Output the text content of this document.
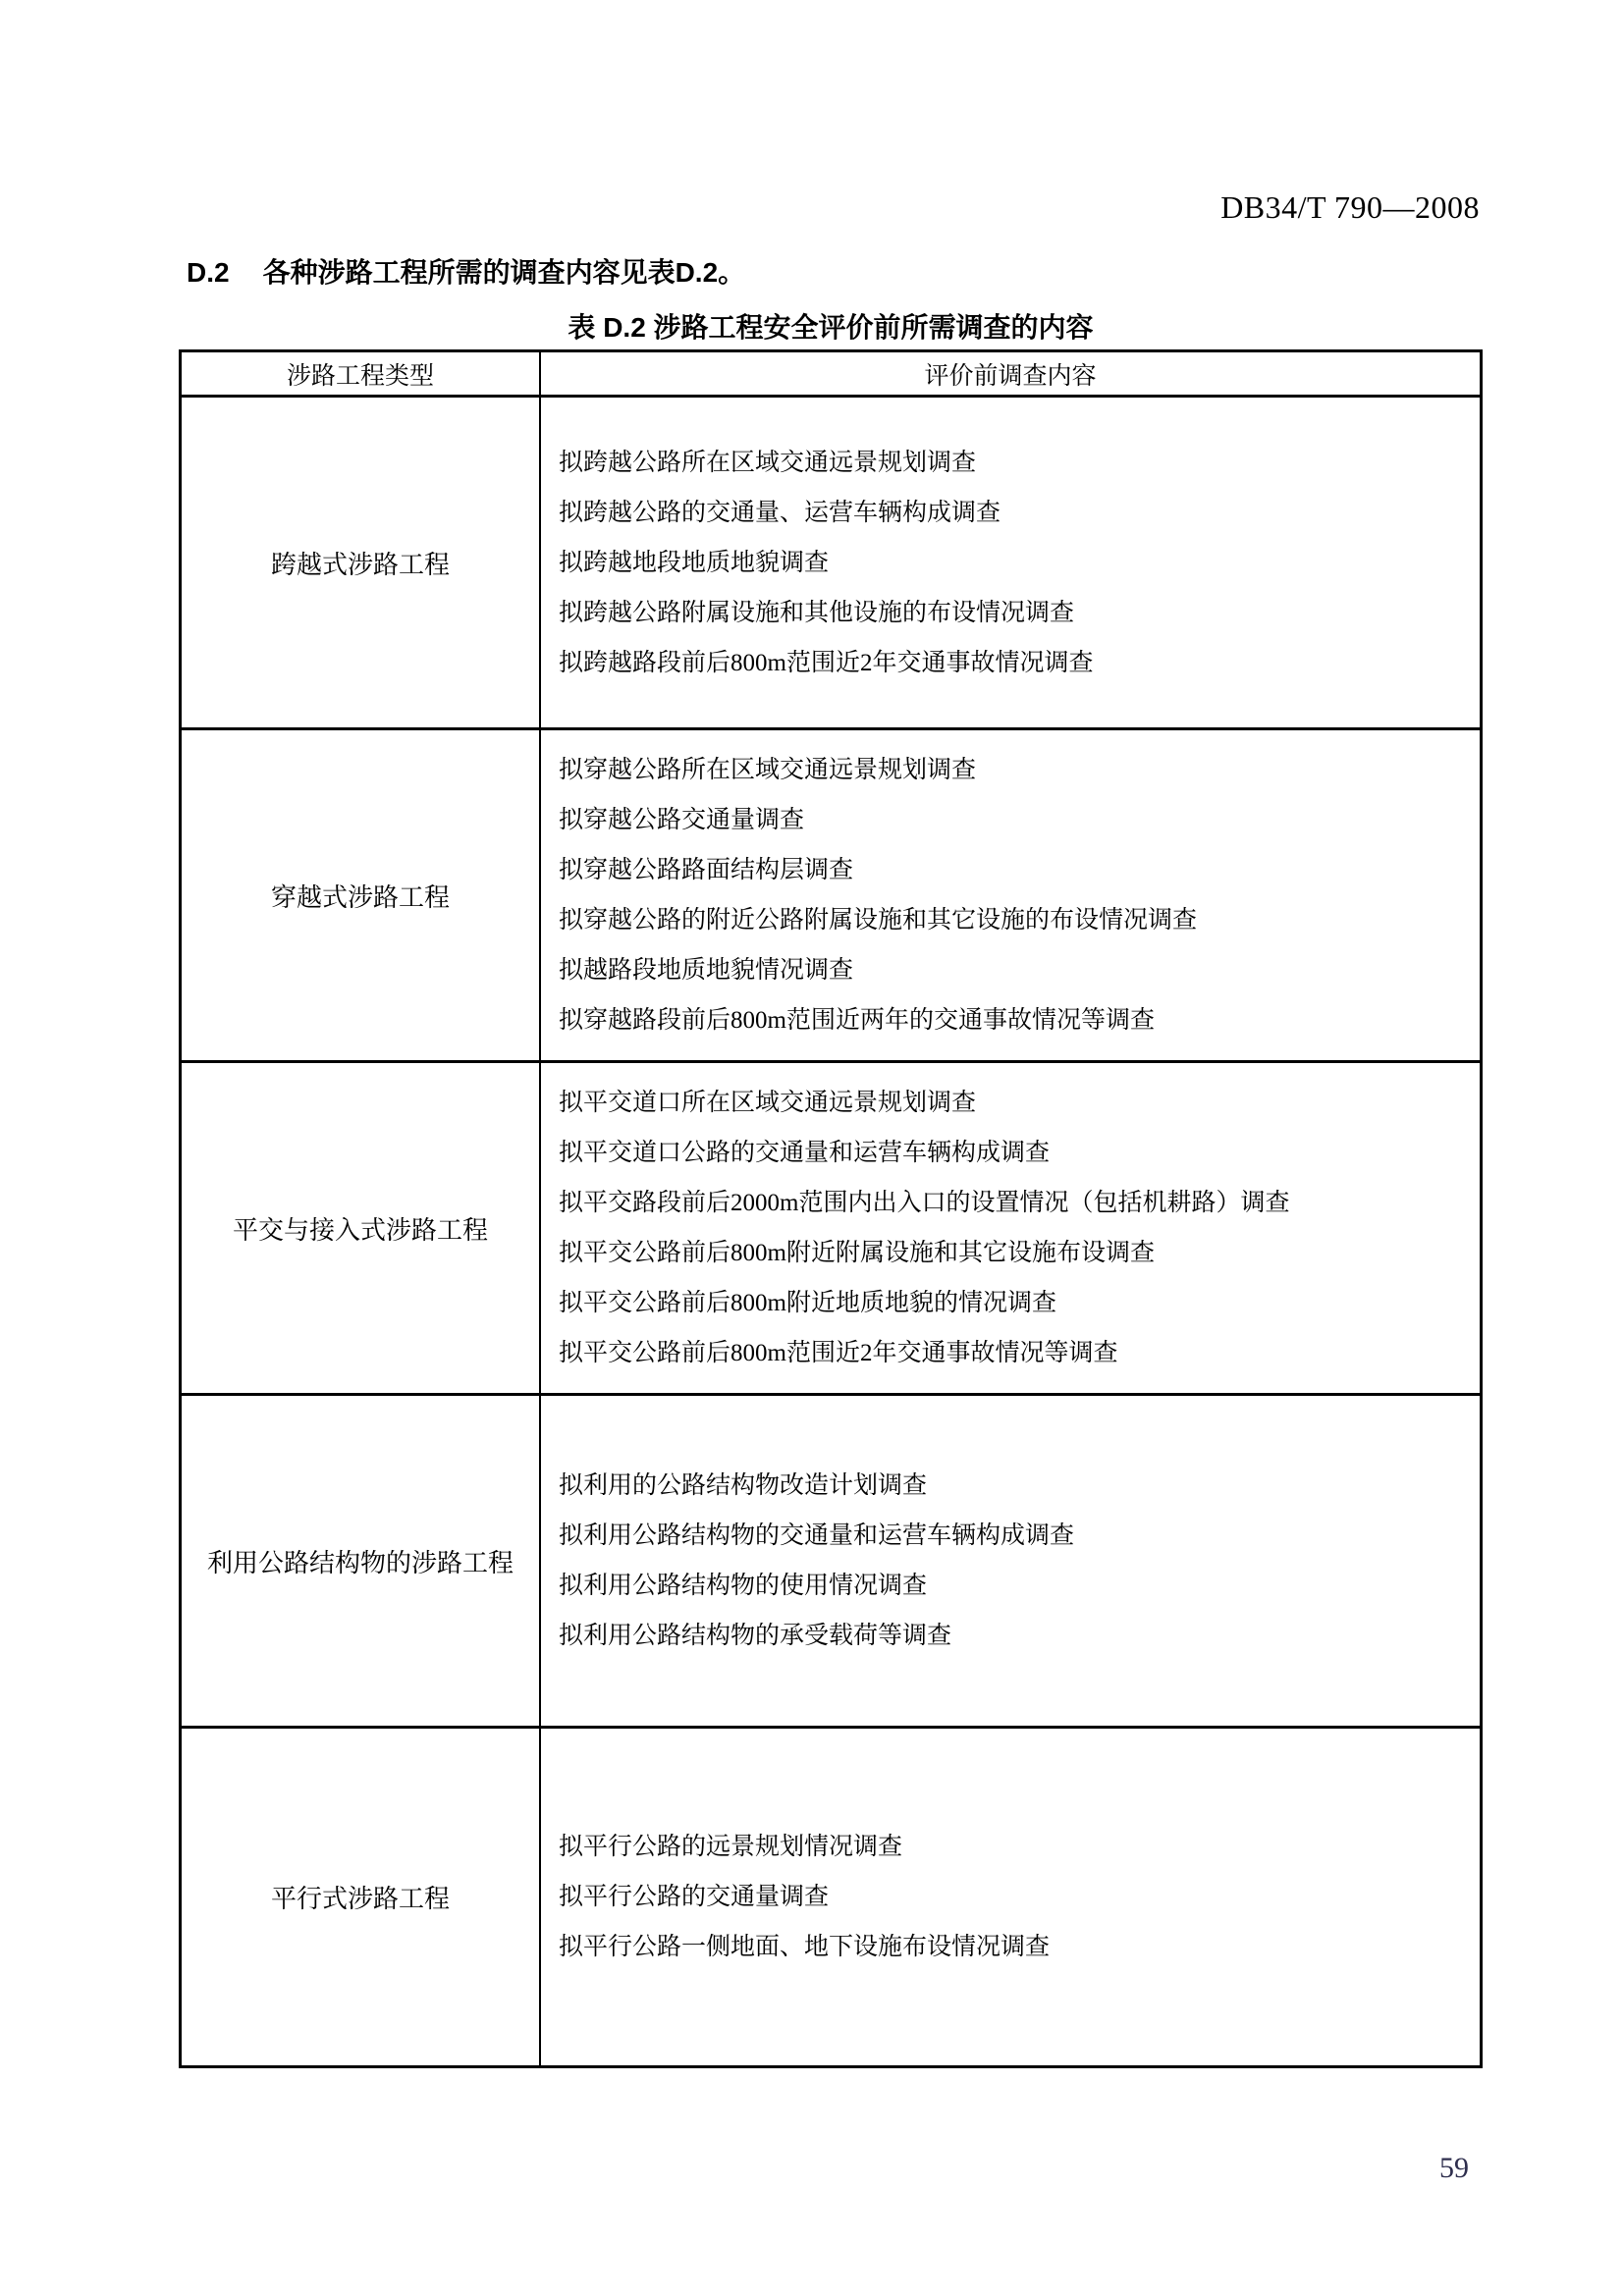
DB34/T 790—2008
D.2 各种涉路工程所需的调查内容见表D.2。
表 D.2 涉路工程安全评价前所需调查的内容
涉路工程类型	评价前调查内容
跨越式涉路工程
拟跨越公路所在区域交通远景规划调查
拟跨越公路的交通量、运营车辆构成调查
拟跨越地段地质地貌调查
拟跨越公路附属设施和其他设施的布设情况调查
拟跨越路段前后800m范围近2年交通事故情况调查
穿越式涉路工程
拟穿越公路所在区域交通远景规划调查
拟穿越公路交通量调查
拟穿越公路路面结构层调查
拟穿越公路的附近公路附属设施和其它设施的布设情况调查
拟越路段地质地貌情况调查
拟穿越路段前后800m范围近两年的交通事故情况等调查
平交与接入式涉路工程
拟平交道口所在区域交通远景规划调查
拟平交道口公路的交通量和运营车辆构成调查
拟平交路段前后2000m范围内出入口的设置情况（包括机耕路）调查
拟平交公路前后800m附近附属设施和其它设施布设调查
拟平交公路前后800m附近地质地貌的情况调查
拟平交公路前后800m范围近2年交通事故情况等调查
利用公路结构物的涉路工程
拟利用的公路结构物改造计划调查
拟利用公路结构物的交通量和运营车辆构成调查
拟利用公路结构物的使用情况调查
拟利用公路结构物的承受载荷等调查
平行式涉路工程
拟平行公路的远景规划情况调查
拟平行公路的交通量调查
拟平行公路一侧地面、地下设施布设情况调查
59
